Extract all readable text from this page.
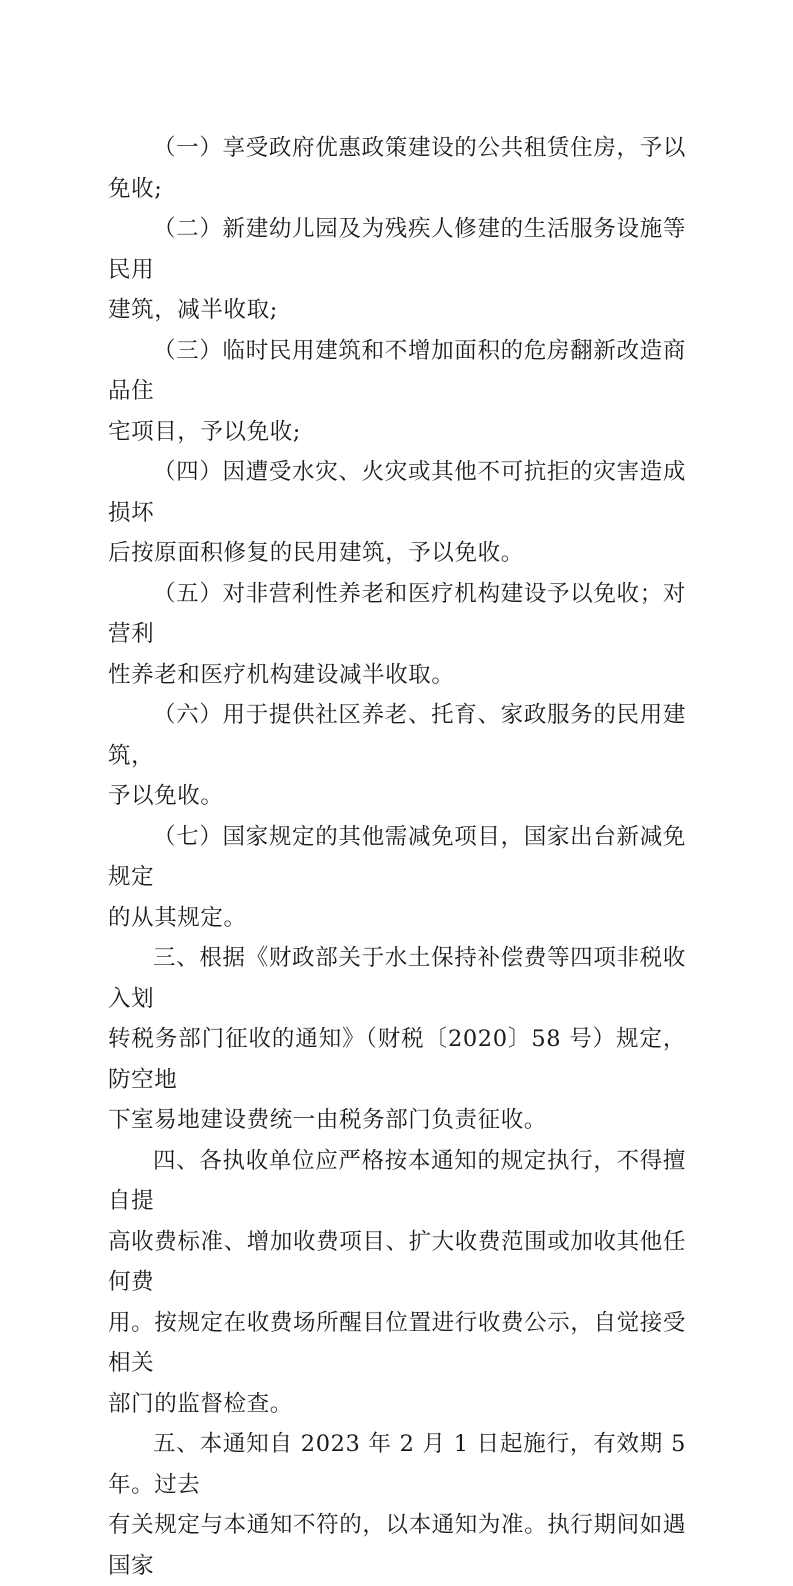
（一）享受政府优惠政策建设的公共租赁住房，予以免收;

（二）新建幼儿园及为残疾人修建的生活服务设施等民用
建筑，减半收取;

（三）临时民用建筑和不增加面积的危房翻新改造商品住
宅项目，予以免收;

（四）因遭受水灾、火灾或其他不可抗拒的灾害造成损坏
后按原面积修复的民用建筑，予以免收。

（五）对非营利性养老和医疗机构建设予以免收；对营利
性养老和医疗机构建设减半收取。

（六）用于提供社区养老、托育、家政服务的民用建筑，
予以免收。

（七）国家规定的其他需减免项目，国家出台新减免规定
的从其规定。

三、根据《财政部关于水土保持补偿费等四项非税收入划
转税务部门征收的通知》（财税〔2020〕58 号）规定，防空地
下室易地建设费统一由税务部门负责征收。

四、各执收单位应严格按本通知的规定执行，不得擅自提
高收费标准、增加收费项目、扩大收费范围或加收其他任何费
用。按规定在收费场所醒目位置进行收费公示，自觉接受相关
部门的监督检查。

五、本通知自 2023 年 2 月 1 日起施行，有效期 5 年。过去
有关规定与本通知不符的，以本通知为准。执行期间如遇国家
